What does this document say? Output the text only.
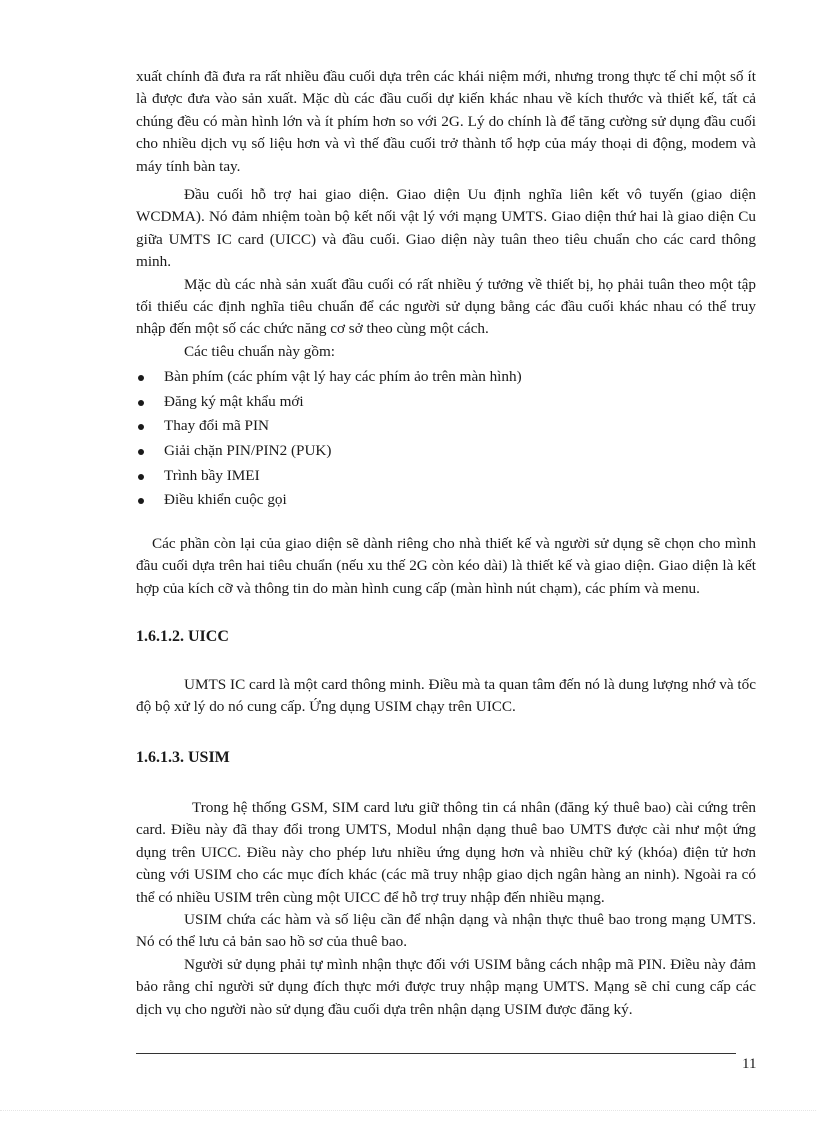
xuất chính đã đưa ra rất nhiều đầu cuối dựa trên các khái niệm mới, nhưng trong thực tế chỉ một số ít là được đưa vào sản xuất. Mặc dù các đầu cuối dự kiến khác nhau về kích thước và thiết kế, tất cả chúng đều có màn hình lớn và ít phím hơn so với 2G. Lý do chính là để tăng cường sử dụng đầu cuối cho nhiều dịch vụ số liệu hơn và vì thế đầu cuối trở thành tổ hợp của máy thoại di động, modem và máy tính bàn tay.

Đầu cuối hỗ trợ hai giao diện. Giao diện Uu định nghĩa liên kết vô tuyến (giao diện WCDMA). Nó đảm nhiệm toàn bộ kết nối vật lý với mạng UMTS. Giao diện thứ hai là giao diện Cu giữa UMTS IC card (UICC) và đầu cuối. Giao diện này tuân theo tiêu chuẩn cho các card thông minh.

Mặc dù các nhà sản xuất đầu cuối có rất nhiều ý tưởng về thiết bị, họ phải tuân theo một tập tối thiểu các định nghĩa tiêu chuẩn để các người sử dụng bằng các đầu cuối khác nhau có thể truy nhập đến một số các chức năng cơ sở theo cùng một cách.

Các tiêu chuẩn này gồm:

Bàn phím (các phím vật lý hay các phím ảo trên màn hình)
Đăng ký mật khẩu mới
Thay đổi mã PIN
Giải chặn PIN/PIN2 (PUK)
Trình bầy IMEI
Điều khiển cuộc gọi

Các phần còn lại của giao diện sẽ dành riêng cho nhà thiết kế và người sử dụng sẽ chọn cho mình đầu cuối dựa trên hai tiêu chuẩn (nếu xu thế 2G còn kéo dài) là thiết kế và giao diện. Giao diện là kết hợp của kích cỡ và thông tin do màn hình cung cấp (màn hình nút chạm), các phím và menu.

1.6.1.2. UICC

UMTS IC card là một card thông minh. Điều mà ta quan tâm đến nó là dung lượng nhớ và tốc độ bộ xử lý do nó cung cấp. Ứng dụng USIM chạy trên UICC.

1.6.1.3. USIM

Trong hệ thống GSM, SIM card lưu giữ thông tin cá nhân (đăng ký thuê bao) cài cứng trên card. Điều này đã thay đổi trong UMTS, Modul nhận dạng thuê bao UMTS được cài như một ứng dụng trên UICC. Điều này cho phép lưu nhiều ứng dụng hơn và nhiều chữ ký (khóa) điện tử hơn cùng với USIM cho các mục đích khác (các mã truy nhập giao dịch ngân hàng an ninh). Ngoài ra có thể có nhiều USIM trên cùng một UICC để hỗ trợ truy nhập đến nhiều mạng.

USIM chứa các hàm và số liệu cần để nhận dạng và nhận thực thuê bao trong mạng UMTS. Nó có thể lưu cả bản sao hồ sơ của thuê bao.

Người sử dụng phải tự mình nhận thực đối với USIM bằng cách nhập mã PIN. Điều này đảm bảo rằng chỉ người sử dụng đích thực mới được truy nhập mạng UMTS. Mạng sẽ chỉ cung cấp các dịch vụ cho người nào sử dụng đầu cuối dựa trên nhận dạng USIM được đăng ký.

11
